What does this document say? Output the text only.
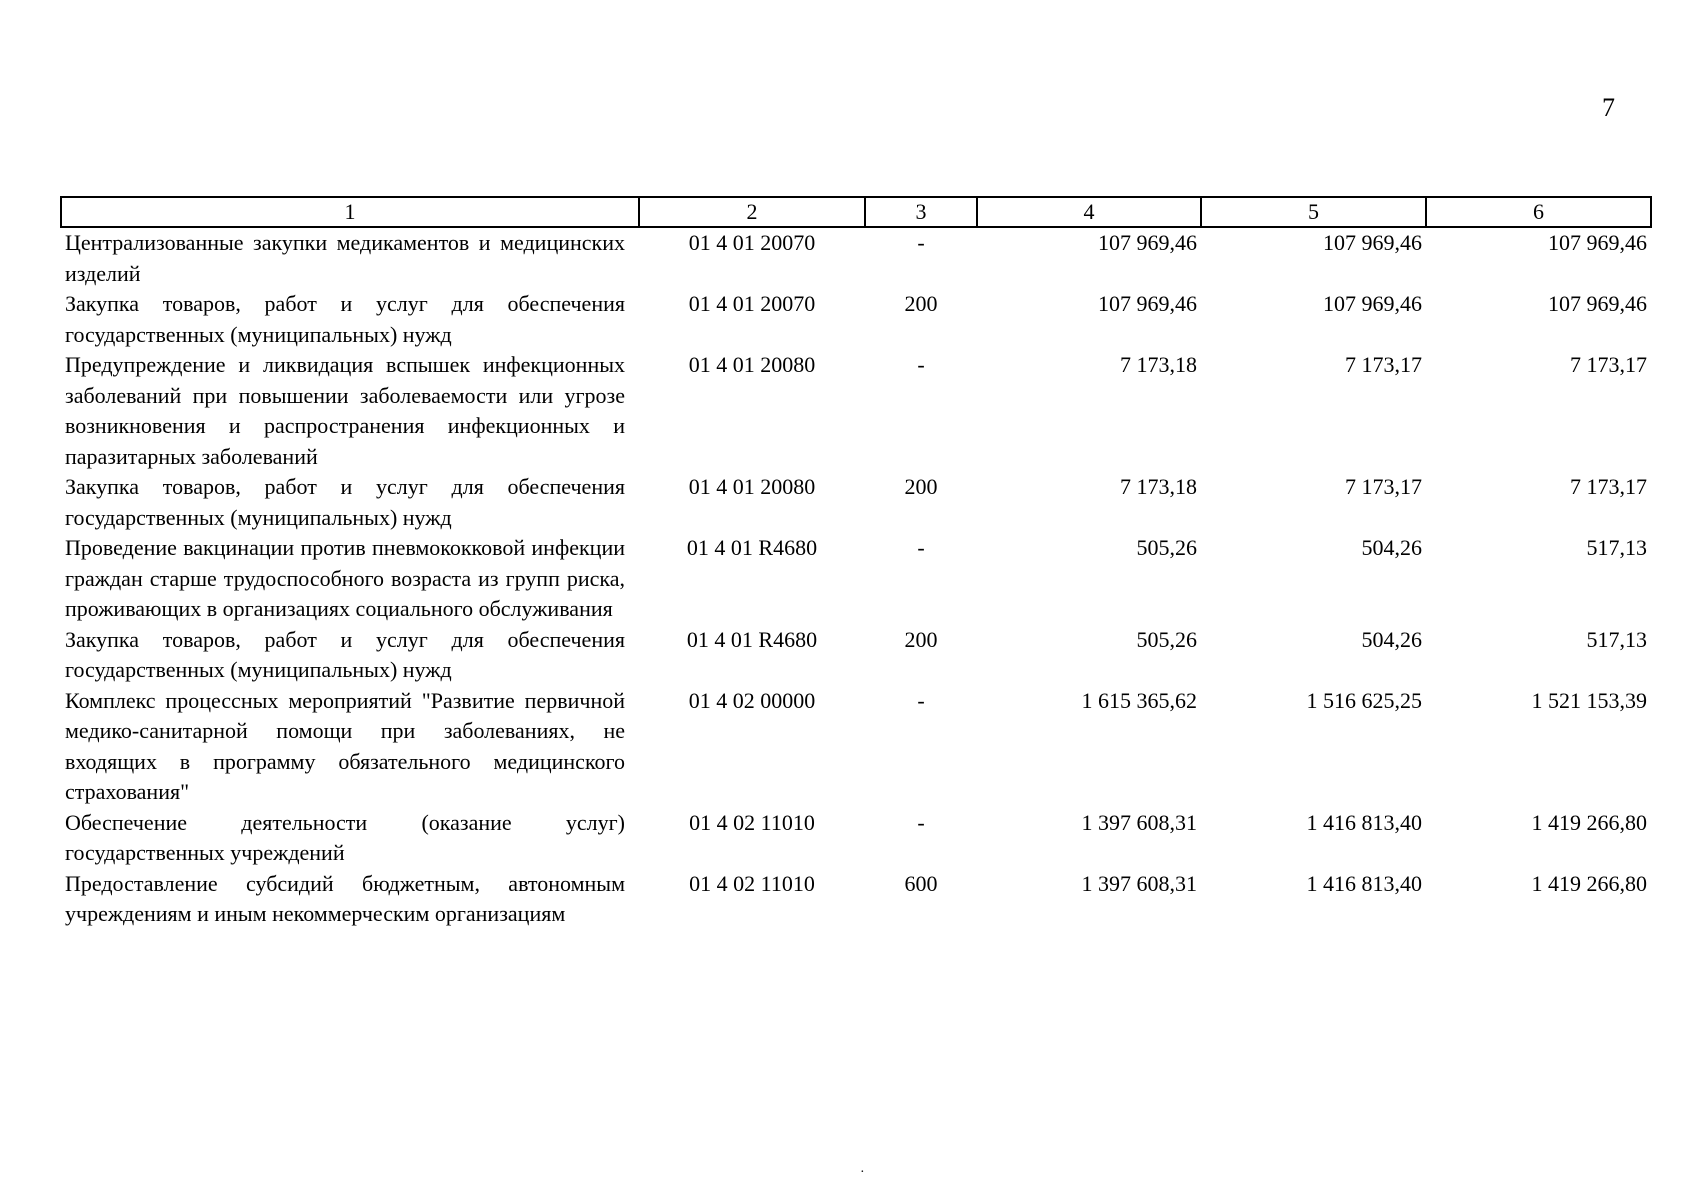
7
1	2	3	4	5	6
Централизованные закупки медикаментов и медицинских изделий	01 4 01 20070	-	107 969,46	107 969,46	107 969,46
Закупка товаров, работ и услуг для обеспечения государственных (муниципальных) нужд	01 4 01 20070	200	107 969,46	107 969,46	107 969,46
Предупреждение и ликвидация вспышек инфекционных заболеваний при повышении заболеваемости или угрозе возникновения и распространения инфекционных и паразитарных заболеваний	01 4 01 20080	-	7 173,18	7 173,17	7 173,17
Закупка товаров, работ и услуг для обеспечения государственных (муниципальных) нужд	01 4 01 20080	200	7 173,18	7 173,17	7 173,17
Проведение вакцинации против пневмококковой инфекции граждан старше трудоспособного возраста из групп риска, проживающих в организациях социального обслуживания	01 4 01 R4680	-	505,26	504,26	517,13
Закупка товаров, работ и услуг для обеспечения государственных (муниципальных) нужд	01 4 01 R4680	200	505,26	504,26	517,13
Комплекс процессных мероприятий "Развитие первичной медико-санитарной помощи при заболеваниях, не входящих в программу обязательного медицинского страхования"	01 4 02 00000	-	1 615 365,62	1 516 625,25	1 521 153,39
Обеспечение деятельности (оказание услуг) государственных учреждений	01 4 02 11010	-	1 397 608,31	1 416 813,40	1 419 266,80
Предоставление субсидий бюджетным, автономным учреждениям и иным некоммерческим организациям	01 4 02 11010	600	1 397 608,31	1 416 813,40	1 419 266,80
·
